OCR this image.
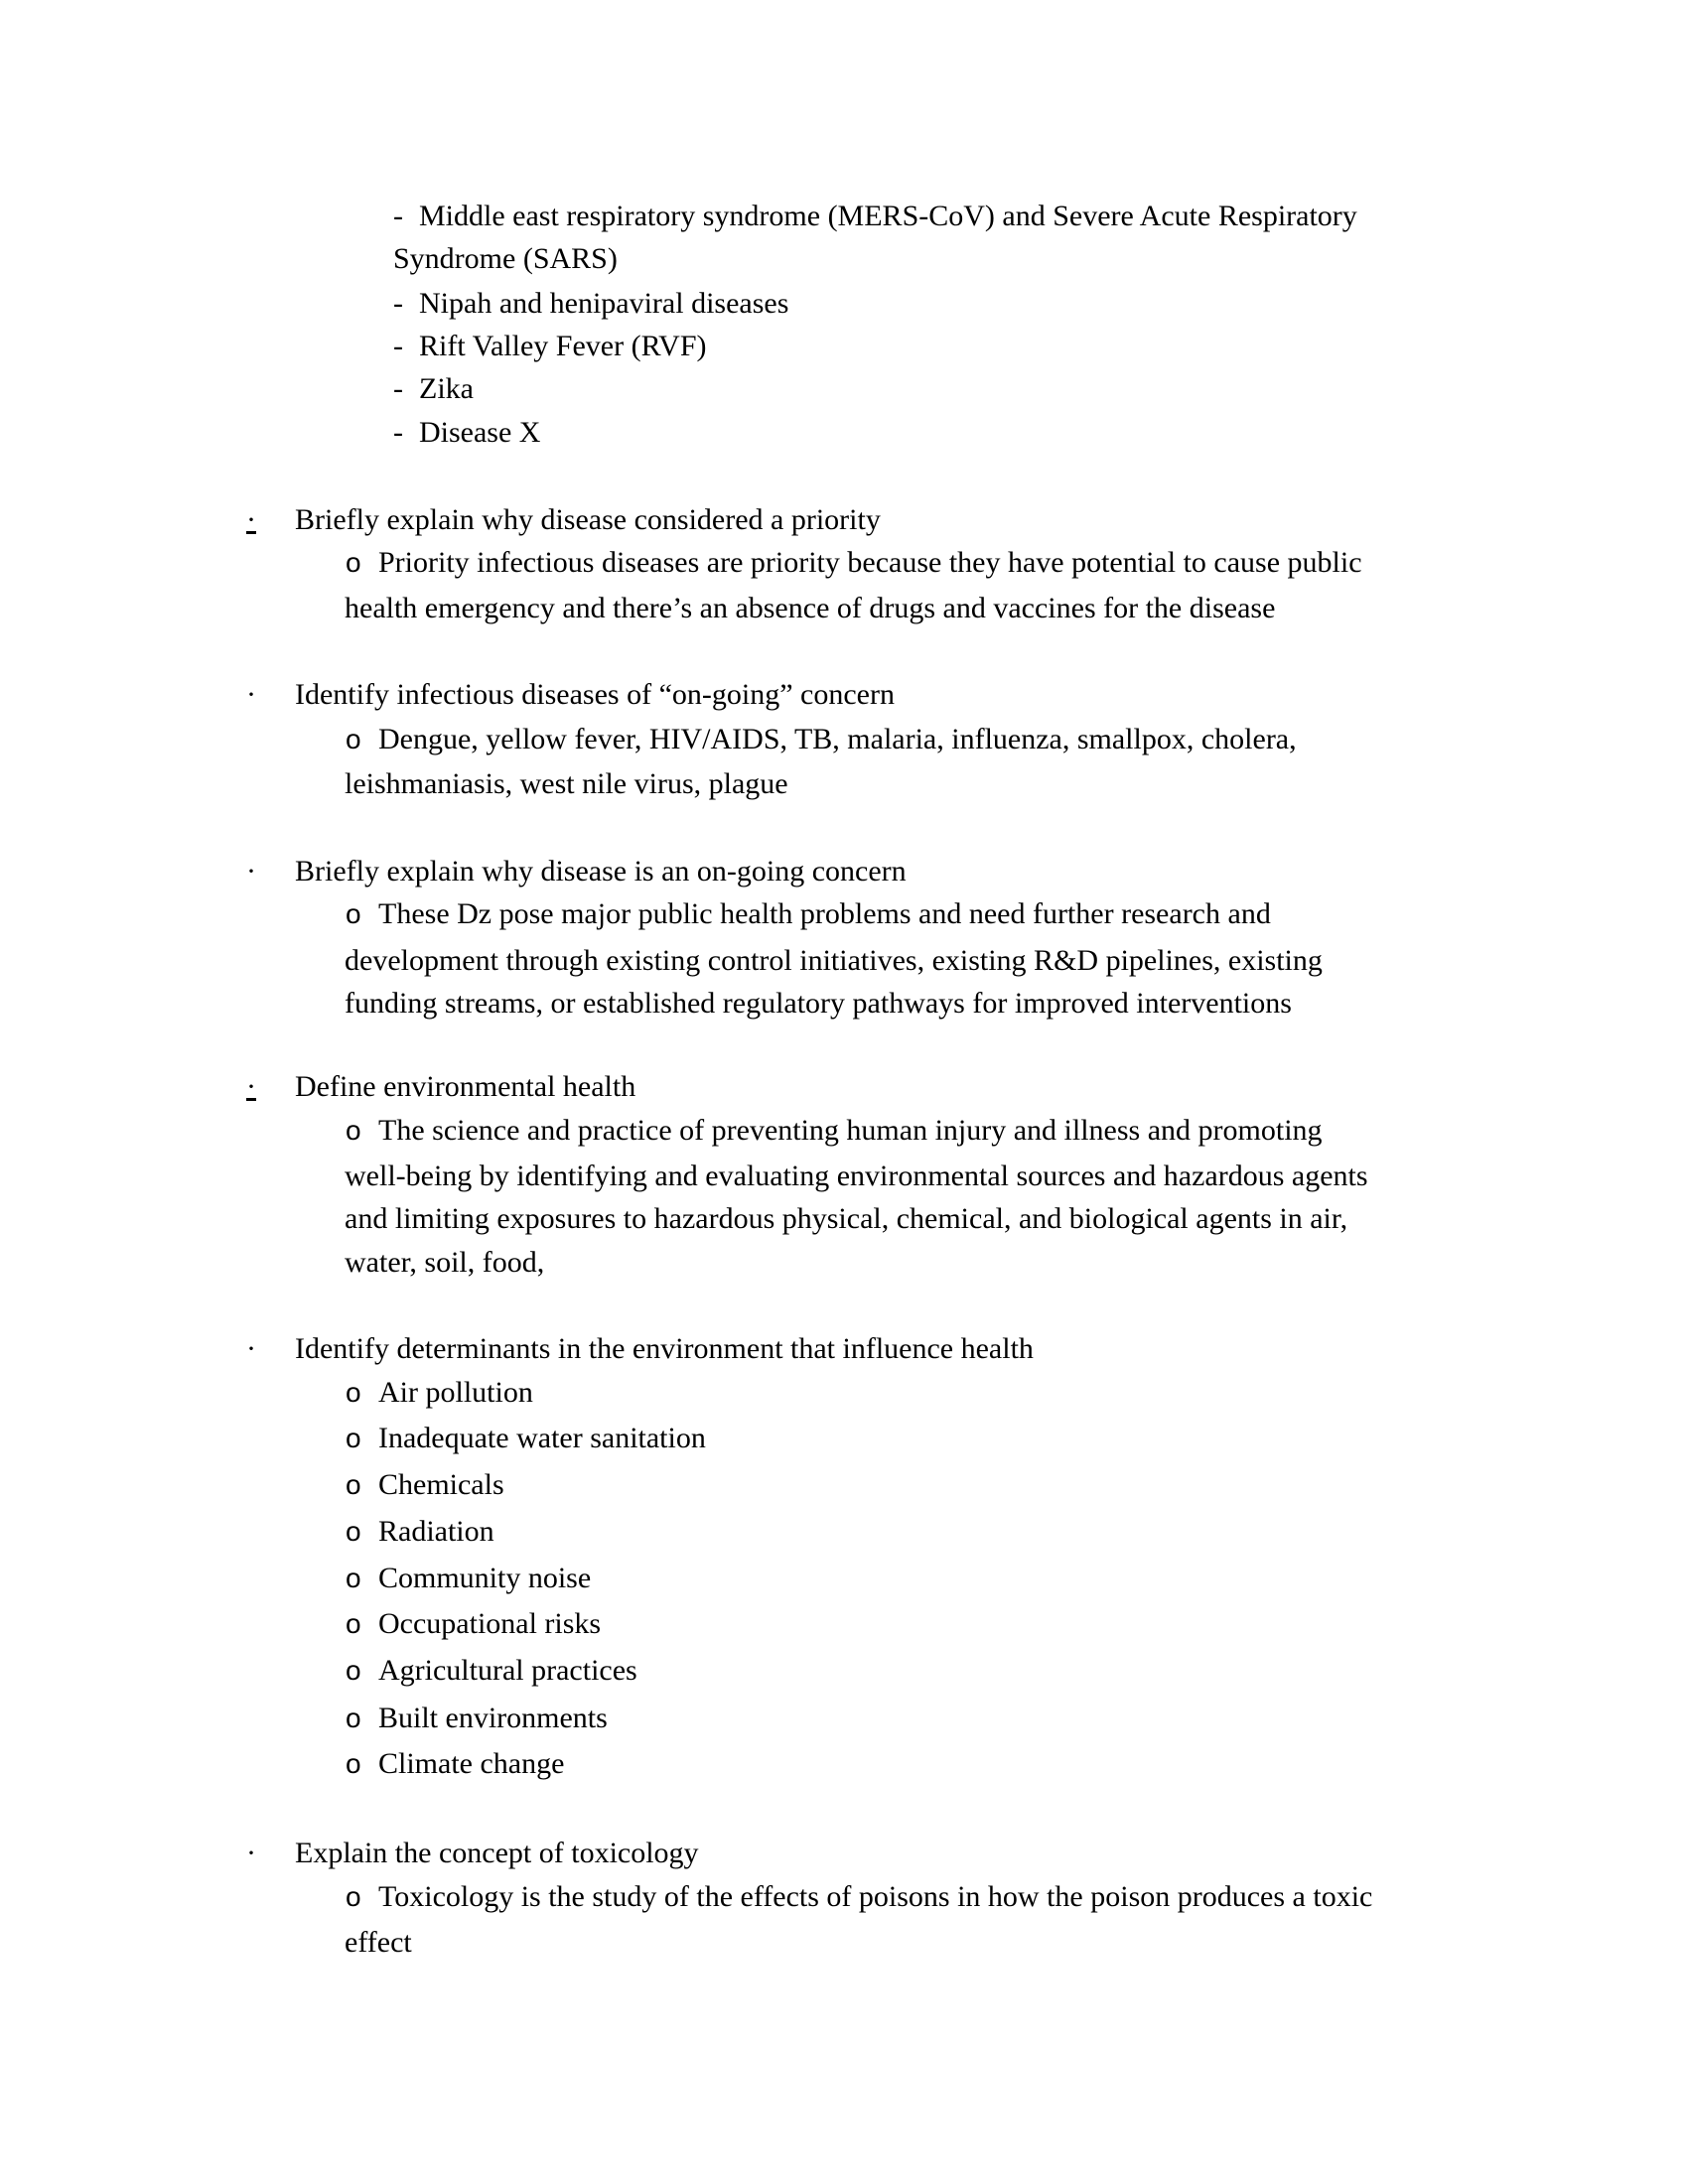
- Middle east respiratory syndrome (MERS-CoV) and Severe Acute Respiratory
Syndrome (SARS)
- Nipah and henipaviral diseases
- Rift Valley Fever (RVF)
- Zika
- Disease X
· Briefly explain why disease considered a priority
o Priority infectious diseases are priority because they have potential to cause public
health emergency and there’s an absence of drugs and vaccines for the disease
· Identify infectious diseases of “on-going” concern
o Dengue, yellow fever, HIV/AIDS, TB, malaria, influenza, smallpox, cholera,
leishmaniasis, west nile virus, plague
· Briefly explain why disease is an on-going concern
o These Dz pose major public health problems and need further research and
development through existing control initiatives, existing R&D pipelines, existing
funding streams, or established regulatory pathways for improved interventions
·	Define environmental health
o The science and practice of preventing human injury and illness and promoting
well-being by identifying and evaluating environmental sources and hazardous agents
and limiting exposures to hazardous physical, chemical, and biological agents in air,
water, soil, food,
· Identify determinants in the environment that influence health
o Air pollution
o Inadequate water sanitation
o Chemicals
o Radiation
o Community noise
o Occupational risks
o Agricultural practices
o Built environments
o Climate change
· Explain the concept of toxicology
o Toxicology is the study of the effects of poisons in how the poison produces a toxic
effect
